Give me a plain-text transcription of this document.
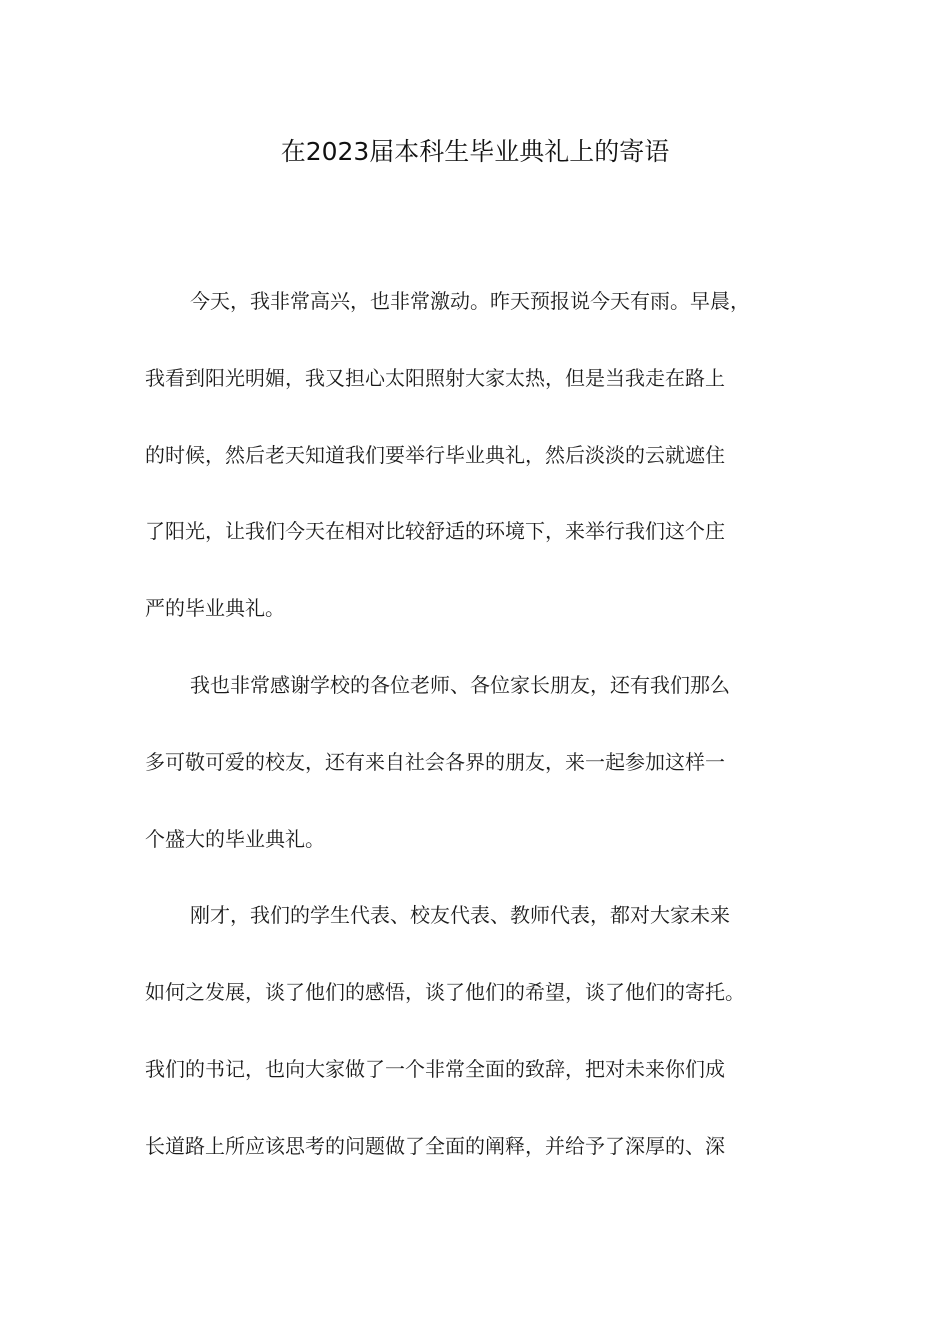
在2023届本科生毕业典礼上的寄语
今天，我非常高兴，也非常激动。昨天预报说今天有雨。早晨，
我看到阳光明媚，我又担心太阳照射大家太热，但是当我走在路上
的时候，然后老天知道我们要举行毕业典礼，然后淡淡的云就遮住
了阳光，让我们今天在相对比较舒适的环境下，来举行我们这个庄
严的毕业典礼。
我也非常感谢学校的各位老师、各位家长朋友，还有我们那么
多可敬可爱的校友，还有来自社会各界的朋友，来一起参加这样一
个盛大的毕业典礼。
刚才，我们的学生代表、校友代表、教师代表，都对大家未来
如何之发展，谈了他们的感悟，谈了他们的希望，谈了他们的寄托。
我们的书记，也向大家做了一个非常全面的致辞，把对未来你们成
长道路上所应该思考的问题做了全面的阐释，并给予了深厚的、深
